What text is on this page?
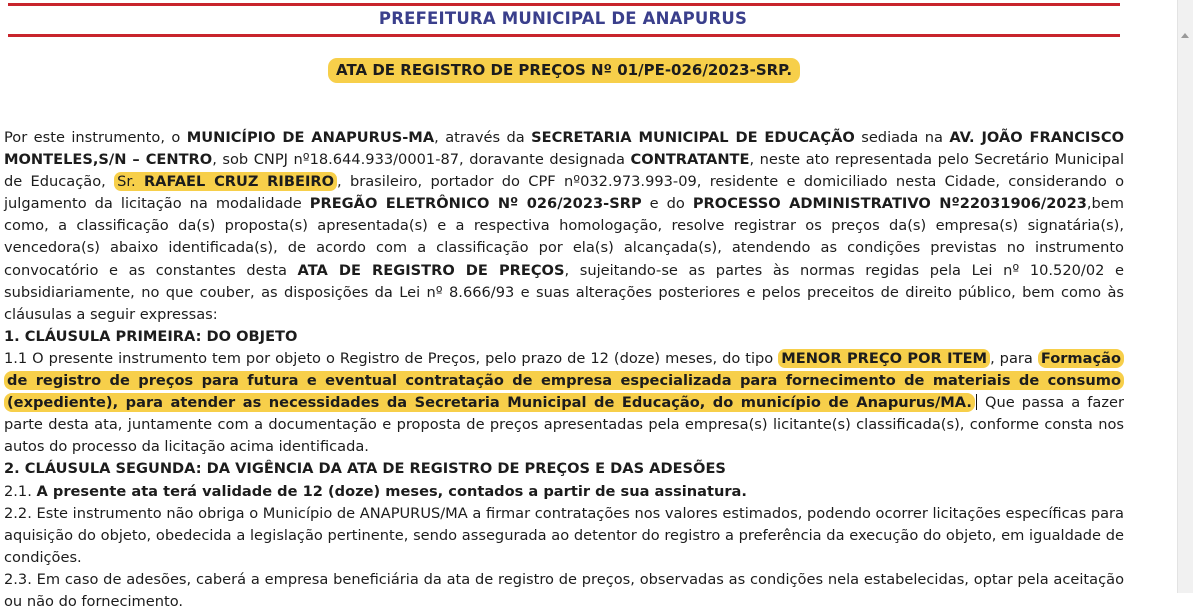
PREFEITURA MUNICIPAL DE ANAPURUS
ATA DE REGISTRO DE PREÇOS Nº 01/PE-026/2023-SRP.
Por este instrumento, o MUNICÍPIO DE ANAPURUS-MA, através da SECRETARIA MUNICIPAL DE EDUCAÇÃO sediada na AV. JOÃO FRANCISCO MONTELES,S/N – CENTRO, sob CNPJ nº18.644.933/0001-87, doravante designada CONTRATANTE, neste ato representada pelo Secretário Municipal de Educação, Sr. RAFAEL CRUZ RIBEIRO , brasileiro, portador do CPF nº032.973.993-09, residente e domiciliado nesta Cidade, considerando o julgamento da licitação na modalidade PREGÃO ELETRÔNICO Nº 026/2023-SRP e do PROCESSO ADMINISTRATIVO Nº22031906/2023,bem como, a classificação da(s) proposta(s) apresentada(s) e a respectiva homologação, resolve registrar os preços da(s) empresa(s) signatária(s), vencedora(s) abaixo identificada(s), de acordo com a classificação por ela(s) alcançada(s), atendendo as condições previstas no instrumento convocatório e as constantes desta ATA DE REGISTRO DE PREÇOS, sujeitando-se as partes às normas regidas pela Lei nº 10.520/02 e subsidiariamente, no que couber, as disposições da Lei nº 8.666/93 e suas alterações posteriores e pelos preceitos de direito público, bem como às cláusulas a seguir expressas:
1. CLÁUSULA PRIMEIRA: DO OBJETO
1.1 O presente instrumento tem por objeto o Registro de Preços, pelo prazo de 12 (doze) meses, do tipo MENOR PREÇO POR ITEM , para Formação de registro de preços para futura e eventual contratação de empresa especializada para fornecimento de materiais de consumo (expediente), para atender as necessidades da Secretaria Municipal de Educação, do município de Anapurus/MA. Que passa a fazer parte desta ata, juntamente com a documentação e proposta de preços apresentadas pela empresa(s) licitante(s) classificada(s), conforme consta nos autos do processo da licitação acima identificada.
2. CLÁUSULA SEGUNDA: DA VIGÊNCIA DA ATA DE REGISTRO DE PREÇOS E DAS ADESÕES
2.1. A presente ata terá validade de 12 (doze) meses, contados a partir de sua assinatura.
2.2. Este instrumento não obriga o Município de ANAPURUS/MA a firmar contratações nos valores estimados, podendo ocorrer licitações específicas para aquisição do objeto, obedecida a legislação pertinente, sendo assegurada ao detentor do registro a preferência da execução do objeto, em igualdade de condições.
2.3. Em caso de adesões, caberá a empresa beneficiária da ata de registro de preços, observadas as condições nela estabelecidas, optar pela aceitação ou não do fornecimento.
